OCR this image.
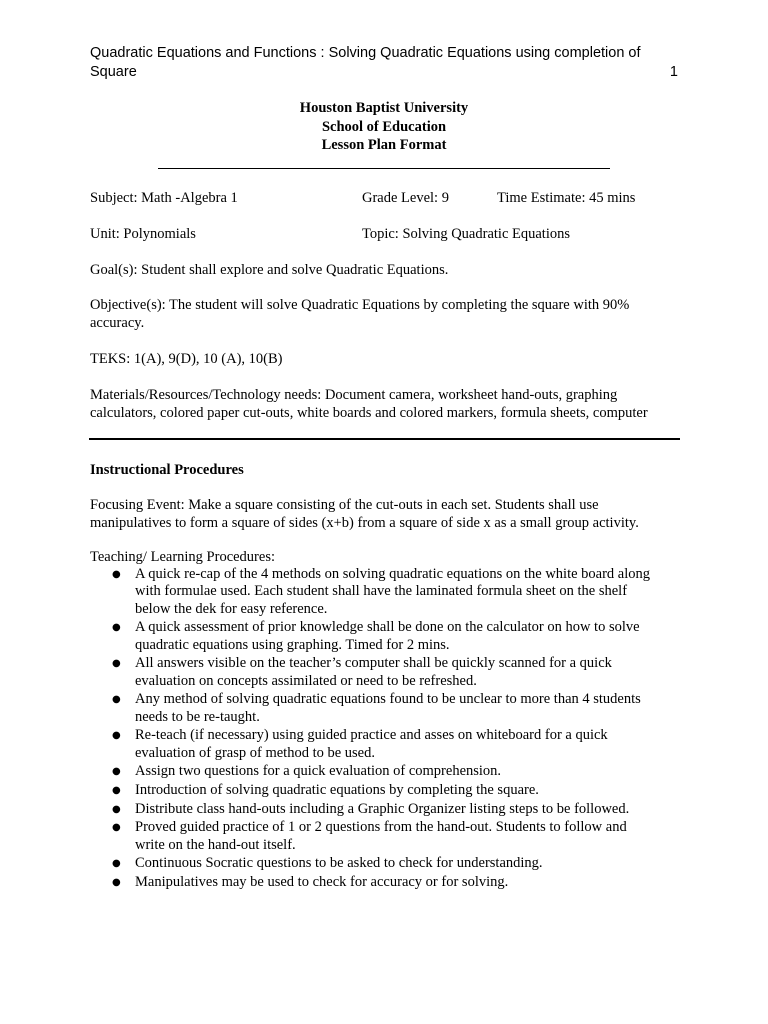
Quadratic Equations and Functions : Solving Quadratic Equations using completion of
Square	1
Houston Baptist University
School of Education
Lesson Plan Format
Subject: Math -Algebra 1	Grade Level: 9	Time Estimate: 45 mins
Unit: Polynomials	Topic: Solving Quadratic Equations
Goal(s): Student shall explore and solve Quadratic Equations.
Objective(s): The student will solve Quadratic Equations by completing the square with 90%
accuracy.
TEKS: 1(A), 9(D), 10 (A), 10(B)
Materials/Resources/Technology needs: Document camera, worksheet hand-outs, graphing
calculators, colored paper cut-outs, white boards and colored markers, formula sheets, computer
Instructional Procedures
Focusing Event: Make a square consisting of the cut-outs in each set. Students shall use
manipulatives to form a square of sides (x+b) from a square of side x as a small group activity.
Teaching/ Learning Procedures:
● A quick re-cap of the 4 methods on solving quadratic equations on the white board along
with formulae used. Each student shall have the laminated formula sheet on the shelf
below the dek for easy reference.
● A quick assessment of prior knowledge shall be done on the calculator on how to solve
quadratic equations using graphing. Timed for 2 mins.
● All answers visible on the teacher’s computer shall be quickly scanned for a quick
evaluation on concepts assimilated or need to be refreshed.
● Any method of solving quadratic equations found to be unclear to more than 4 students
needs to be re-taught.
● Re-teach (if necessary) using guided practice and asses on whiteboard for a quick
evaluation of grasp of method to be used.
● Assign two questions for a quick evaluation of comprehension.
● Introduction of solving quadratic equations by completing the square.
● Distribute class hand-outs including a Graphic Organizer listing steps to be followed.
● Proved guided practice of 1 or 2 questions from the hand-out. Students to follow and
write on the hand-out itself.
● Continuous Socratic questions to be asked to check for understanding.
● Manipulatives may be used to check for accuracy or for solving.
